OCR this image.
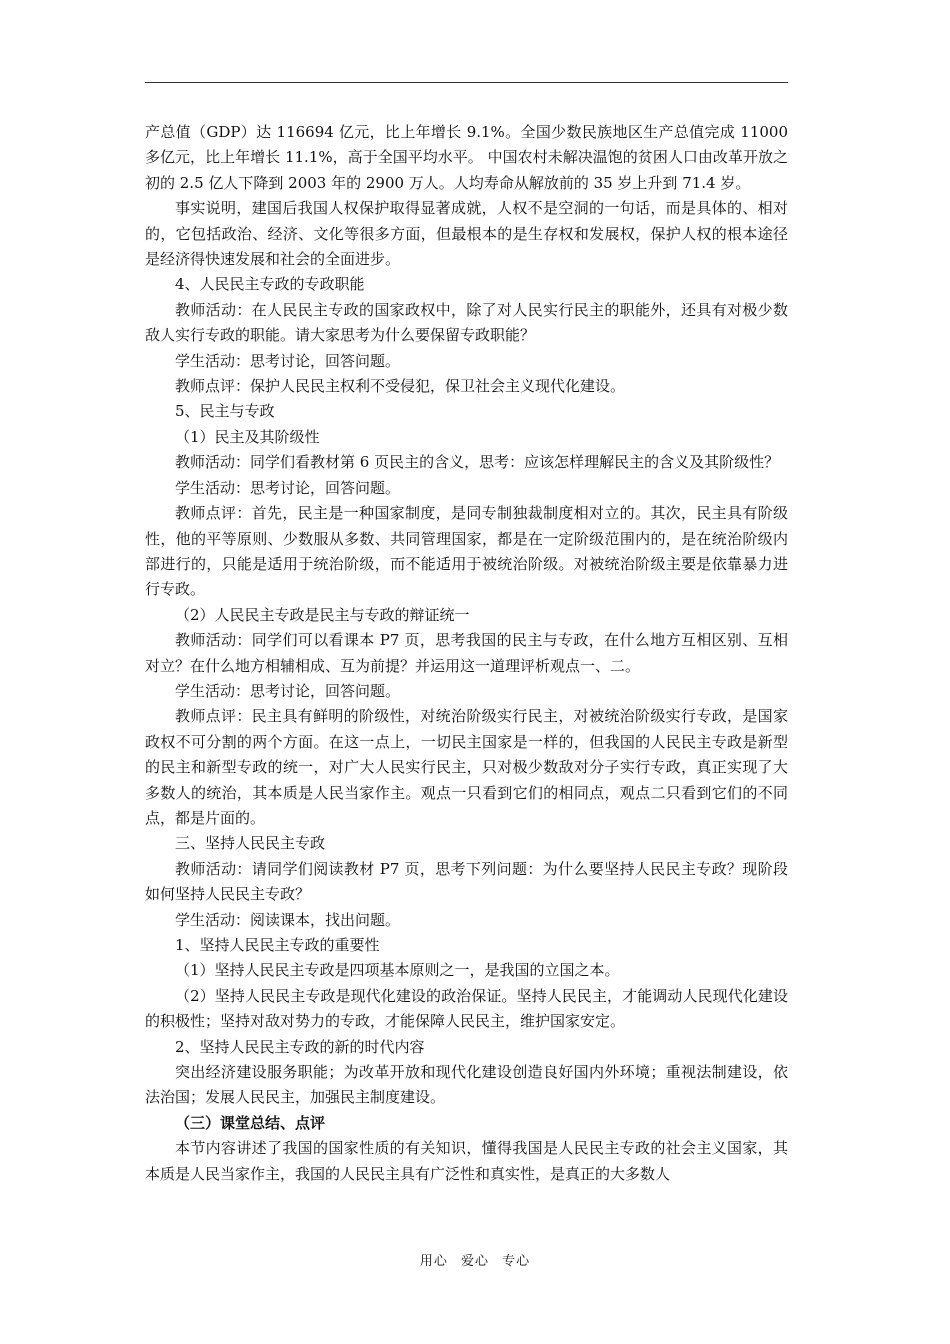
产总值（GDP）达 116694 亿元，比上年增长 9.1%。全国少数民族地区生产总值完成 11000 多亿元，比上年增长 11.1%，高于全国平均水平。 中国农村未解决温饱的贫困人口由改革开放之初的 2.5 亿人下降到 2003 年的 2900 万人。人均寿命从解放前的 35 岁上升到 71.4 岁。

事实说明，建国后我国人权保护取得显著成就，人权不是空洞的一句话，而是具体的、相对的，它包括政治、经济、文化等很多方面，但最根本的是生存权和发展权，保护人权的根本途径是经济得快速发展和社会的全面进步。

4、人民民主专政的专政职能

教师活动：在人民民主专政的国家政权中，除了对人民实行民主的职能外，还具有对极少数敌人实行专政的职能。请大家思考为什么要保留专政职能？

学生活动：思考讨论，回答问题。

教师点评：保护人民民主权利不受侵犯，保卫社会主义现代化建设。

5、民主与专政

（1）民主及其阶级性

教师活动：同学们看教材第 6 页民主的含义，思考：应该怎样理解民主的含义及其阶级性？

学生活动：思考讨论，回答问题。

教师点评：首先，民主是一种国家制度，是同专制独裁制度相对立的。其次，民主具有阶级性，他的平等原则、少数服从多数、共同管理国家，都是在一定阶级范围内的，是在统治阶级内部进行的，只能是适用于统治阶级，而不能适用于被统治阶级。对被统治阶级主要是依靠暴力进行专政。

（2）人民民主专政是民主与专政的辩证统一

教师活动：同学们可以看课本 P7 页，思考我国的民主与专政，在什么地方互相区别、互相对立？在什么地方相辅相成、互为前提？并运用这一道理评析观点一、二。

学生活动：思考讨论，回答问题。

教师点评：民主具有鲜明的阶级性，对统治阶级实行民主，对被统治阶级实行专政，是国家政权不可分割的两个方面。在这一点上，一切民主国家是一样的，但我国的人民民主专政是新型的民主和新型专政的统一，对广大人民实行民主，只对极少数敌对分子实行专政，真正实现了大多数人的统治，其本质是人民当家作主。观点一只看到它们的相同点，观点二只看到它们的不同点，都是片面的。

三、坚持人民民主专政

教师活动：请同学们阅读教材 P7 页，思考下列问题：为什么要坚持人民民主专政？现阶段如何坚持人民民主专政？

学生活动：阅读课本，找出问题。

1、坚持人民民主专政的重要性

（1）坚持人民民主专政是四项基本原则之一，是我国的立国之本。

（2）坚持人民民主专政是现代化建设的政治保证。坚持人民民主，才能调动人民现代化建设的积极性；坚持对敌对势力的专政，才能保障人民民主，维护国家安定。

2、坚持人民民主专政的新的时代内容

突出经济建设服务职能；为改革开放和现代化建设创造良好国内外环境；重视法制建设，依法治国；发展人民民主，加强民主制度建设。

（三）课堂总结、点评

本节内容讲述了我国的国家性质的有关知识，懂得我国是人民民主专政的社会主义国家，其本质是人民当家作主，我国的人民民主具有广泛性和真实性，是真正的大多数人

用心 爱心 专心
